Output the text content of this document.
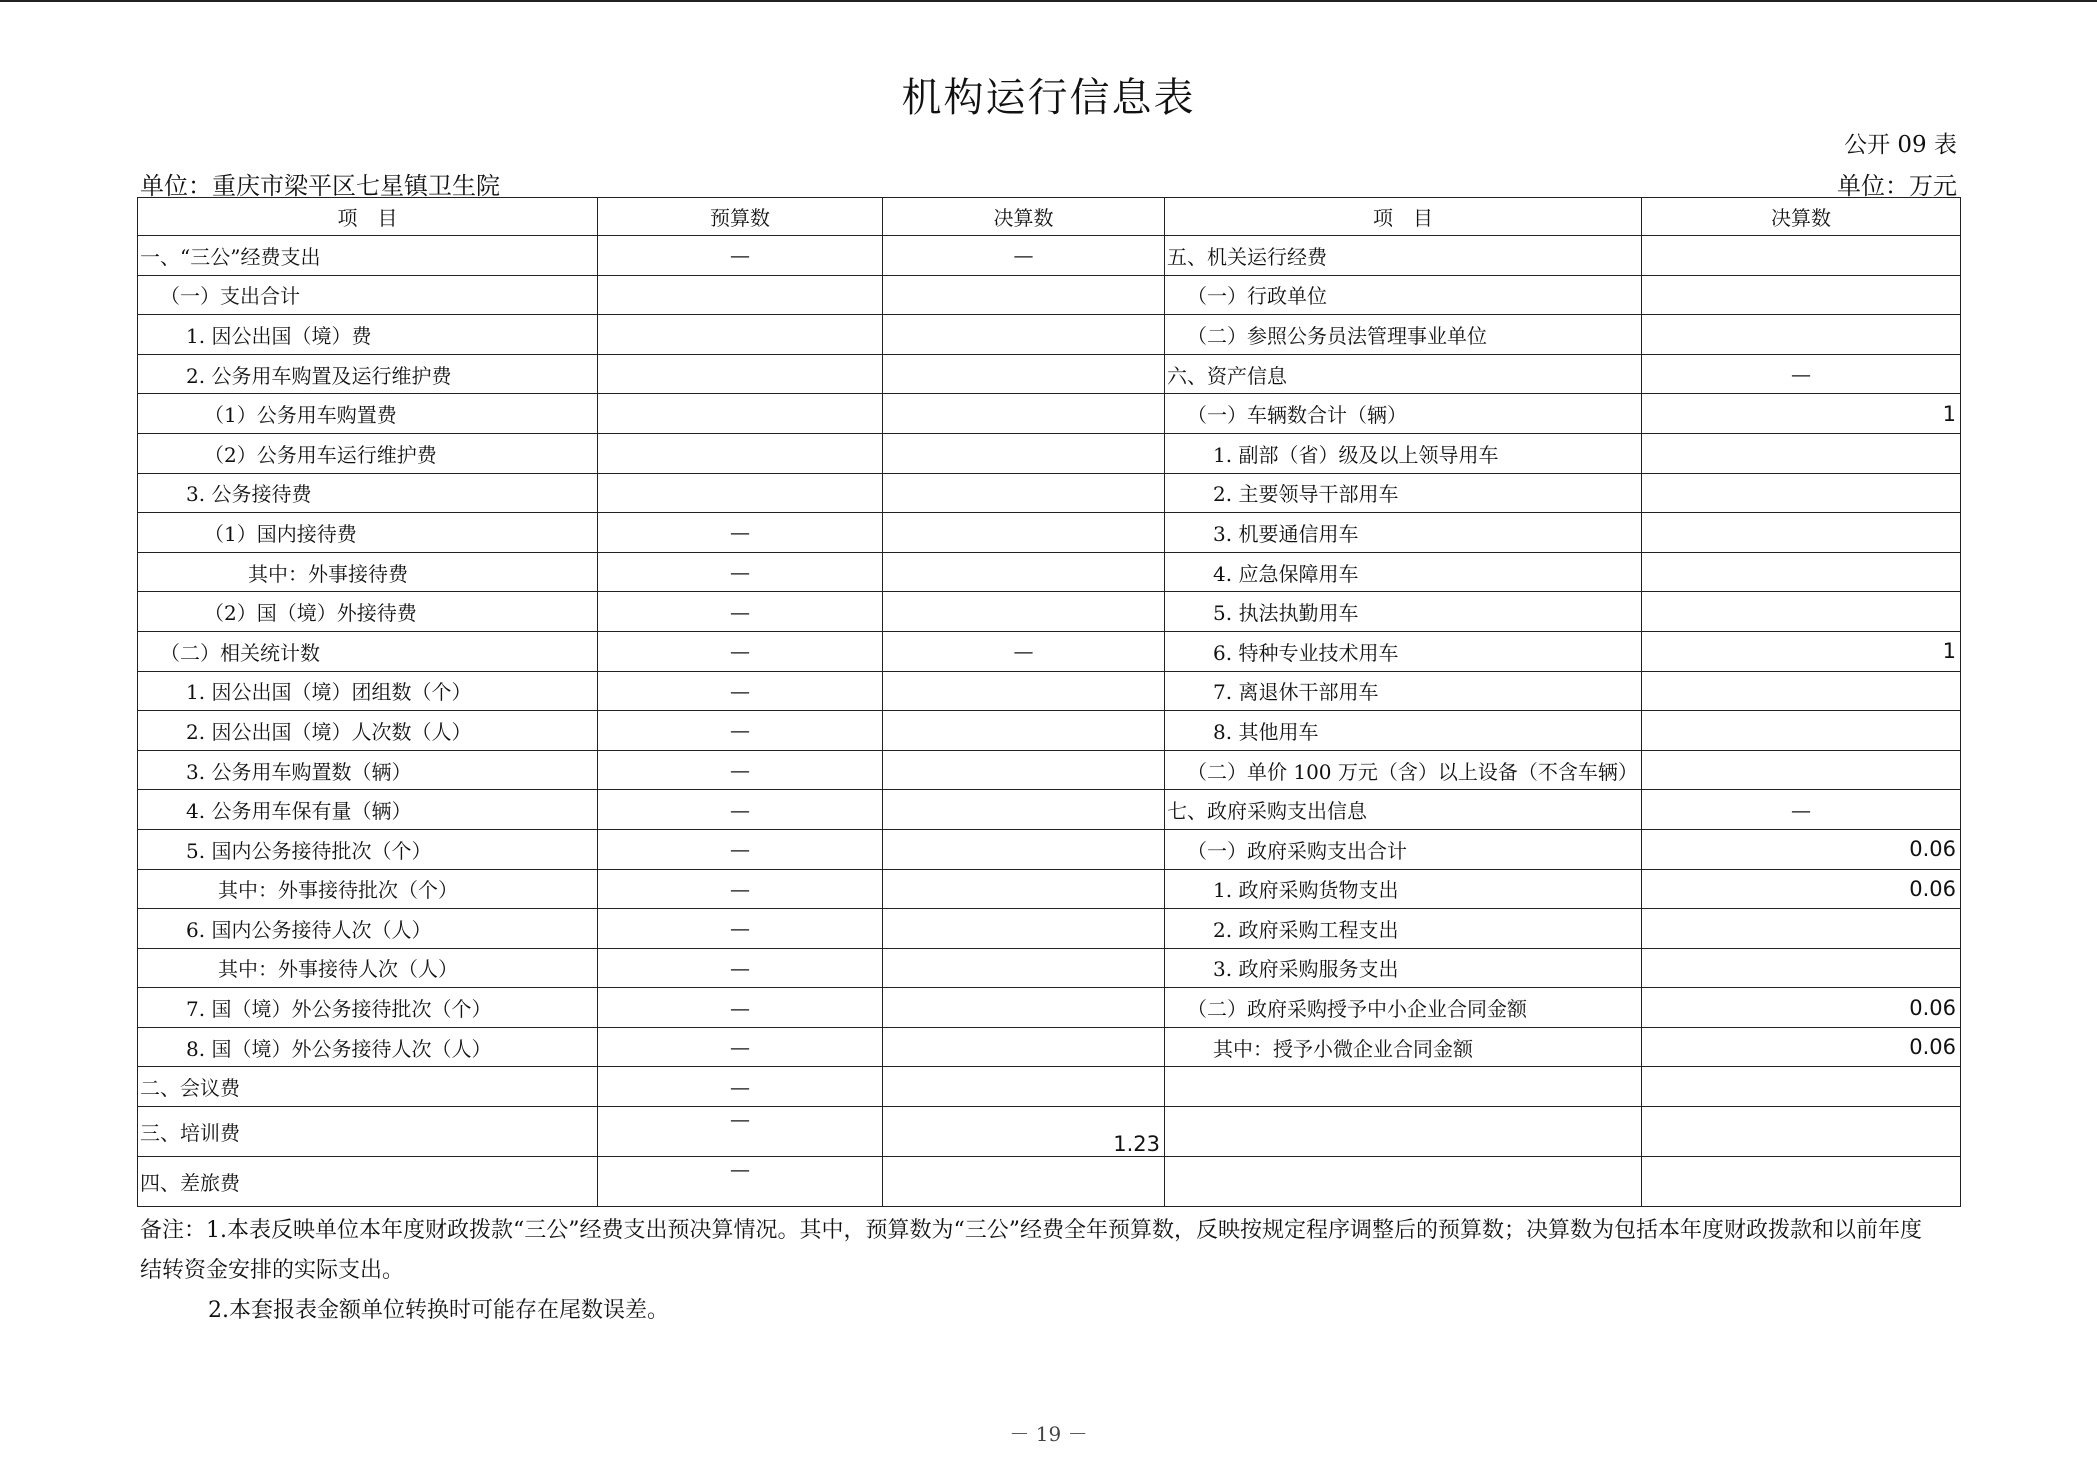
机构运行信息表
公开 09 表
单位：重庆市梁平区七星镇卫生院	单位：万元
项　目	预算数	决算数	项　目	决算数
一、“三公”经费支出	—	—	五、机关运行经费	
（一）支出合计			（一）行政单位	
1. 因公出国（境）费			（二）参照公务员法管理事业单位	
2. 公务用车购置及运行维护费			六、资产信息	—
（1）公务用车购置费			（一）车辆数合计（辆）	1
（2）公务用车运行维护费			1. 副部（省）级及以上领导用车	
3. 公务接待费			2. 主要领导干部用车	
（1）国内接待费	—		3. 机要通信用车	
其中：外事接待费	—		4. 应急保障用车	
（2）国（境）外接待费	—		5. 执法执勤用车	
（二）相关统计数	—	—	6. 特种专业技术用车	1
1. 因公出国（境）团组数（个）	—		7. 离退休干部用车	
2. 因公出国（境）人次数（人）	—		8. 其他用车	
3. 公务用车购置数（辆）	—		（二）单价 100 万元（含）以上设备（不含车辆）	
4. 公务用车保有量（辆）	—		七、政府采购支出信息	—
5. 国内公务接待批次（个）	—		（一）政府采购支出合计	0.06
其中：外事接待批次（个）	—		1. 政府采购货物支出	0.06
6. 国内公务接待人次（人）	—		2. 政府采购工程支出	
其中：外事接待人次（人）	—		3. 政府采购服务支出	
7. 国（境）外公务接待批次（个）	—		（二）政府采购授予中小企业合同金额	0.06
8. 国（境）外公务接待人次（人）	—		其中：授予小微企业合同金额	0.06
二、会议费	—			
三、培训费	—	1.23		
四、差旅费	—			
备注：1.本表反映单位本年度财政拨款“三公”经费支出预决算情况。其中，预算数为“三公”经费全年预算数，反映按规定程序调整后的预算数；决算数为包括本年度财政拨款和以前年度
结转资金安排的实际支出。
2.本套报表金额单位转换时可能存在尾数误差。
－ 19 －
